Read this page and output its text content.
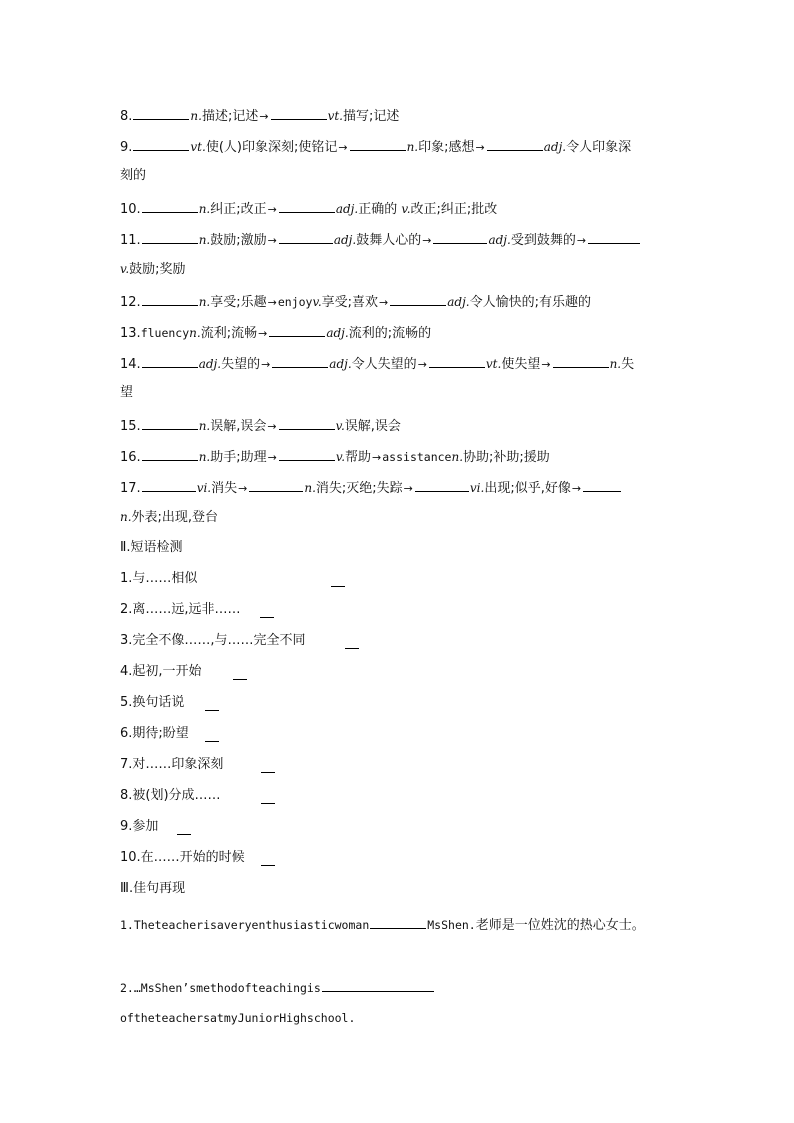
8.	n.描述;记述→	vt.描写;记述
9.	vt.使(人)印象深刻;使铭记→	n.印象;感想→	adj.令人印象深
刻的
10.	n.纠正;改正→	adj.正确的 v.改正;纠正;批改
11.	n.鼓励;激励→	adj.鼓舞人心的→	adj.受到鼓舞的→
v.鼓励;奖励
12.	n.享受;乐趣→enjoyv.享受;喜欢→	adj.令人愉快的;有乐趣的
13.fluencyn.流利;流畅→	adj.流利的;流畅的
14.	adj.失望的→	adj.令人失望的→	vt.使失望→	n.失
望
15.	n.误解,误会→	v.误解,误会
16.	n.助手;助理→	v.帮助→assistancen.协助;补助;援助
17.	vi.消失→	n.消失;灭绝;失踪→	vi.出现;似乎,好像→
n.外表;出现,登台
Ⅱ.短语检测
1.与……相似
2.离……远,远非……
3.完全不像……,与……完全不同
4.起初,一开始
5.换句话说
6.期待;盼望
7.对……印象深刻
8.被(划)分成……
9.参加
10.在……开始的时候
Ⅲ.佳句再现
1.Theteacherisaveryenthusiasticwoman	MsShen.老师是一位姓沈的热心女士。
2.…MsShen’smethodofteachingis
oftheteachersatmyJuniorHighschool.
